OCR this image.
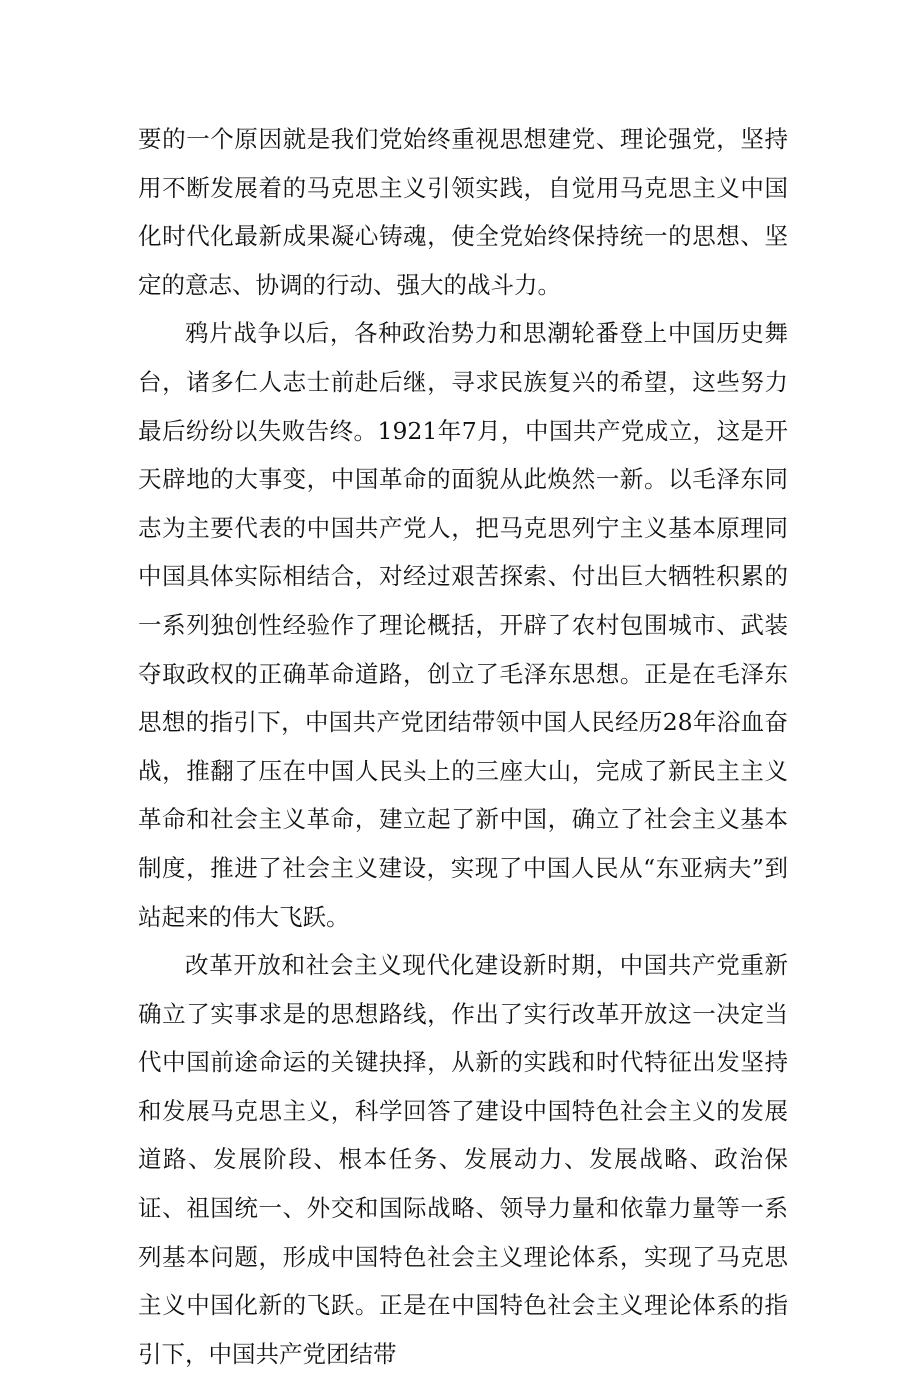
要的一个原因就是我们党始终重视思想建党、理论强党，坚持用不断发展着的马克思主义引领实践，自觉用马克思主义中国化时代化最新成果凝心铸魂，使全党始终保持统一的思想、坚定的意志、协调的行动、强大的战斗力。

鸦片战争以后，各种政治势力和思潮轮番登上中国历史舞台，诸多仁人志士前赴后继，寻求民族复兴的希望，这些努力最后纷纷以失败告终。1921年7月，中国共产党成立，这是开天辟地的大事变，中国革命的面貌从此焕然一新。以毛泽东同志为主要代表的中国共产党人，把马克思列宁主义基本原理同中国具体实际相结合，对经过艰苦探索、付出巨大牺牲积累的一系列独创性经验作了理论概括，开辟了农村包围城市、武装夺取政权的正确革命道路，创立了毛泽东思想。正是在毛泽东思想的指引下，中国共产党团结带领中国人民经历28年浴血奋战，推翻了压在中国人民头上的三座大山，完成了新民主主义革命和社会主义革命，建立起了新中国，确立了社会主义基本制度，推进了社会主义建设，实现了中国人民从“东亚病夫”到站起来的伟大飞跃。

改革开放和社会主义现代化建设新时期，中国共产党重新确立了实事求是的思想路线，作出了实行改革开放这一决定当代中国前途命运的关键抉择，从新的实践和时代特征出发坚持和发展马克思主义，科学回答了建设中国特色社会主义的发展道路、发展阶段、根本任务、发展动力、发展战略、政治保证、祖国统一、外交和国际战略、领导力量和依靠力量等一系列基本问题，形成中国特色社会主义理论体系，实现了马克思主义中国化新的飞跃。正是在中国特色社会主义理论体系的指引下，中国共产党团结带
